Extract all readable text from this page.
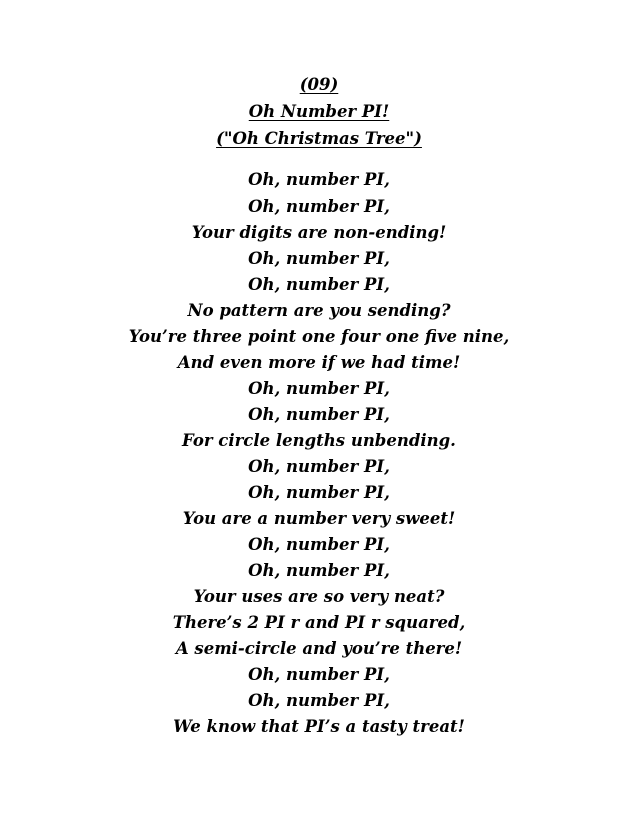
(09)
Oh Number PI!
("Oh Christmas Tree")
Oh, number PI,
Oh, number PI,
Your digits are non-ending!
Oh, number PI,
Oh, number PI,
No pattern are you sending?
You’re three point one four one five nine,
And even more if we had time!
Oh, number PI,
Oh, number PI,
For circle lengths unbending.
Oh, number PI,
Oh, number PI,
You are a number very sweet!
Oh, number PI,
Oh, number PI,
Your uses are so very neat?
There’s 2 PI r and PI r squared,
A semi-circle and you’re there!
Oh, number PI,
Oh, number PI,
We know that PI’s a tasty treat!
